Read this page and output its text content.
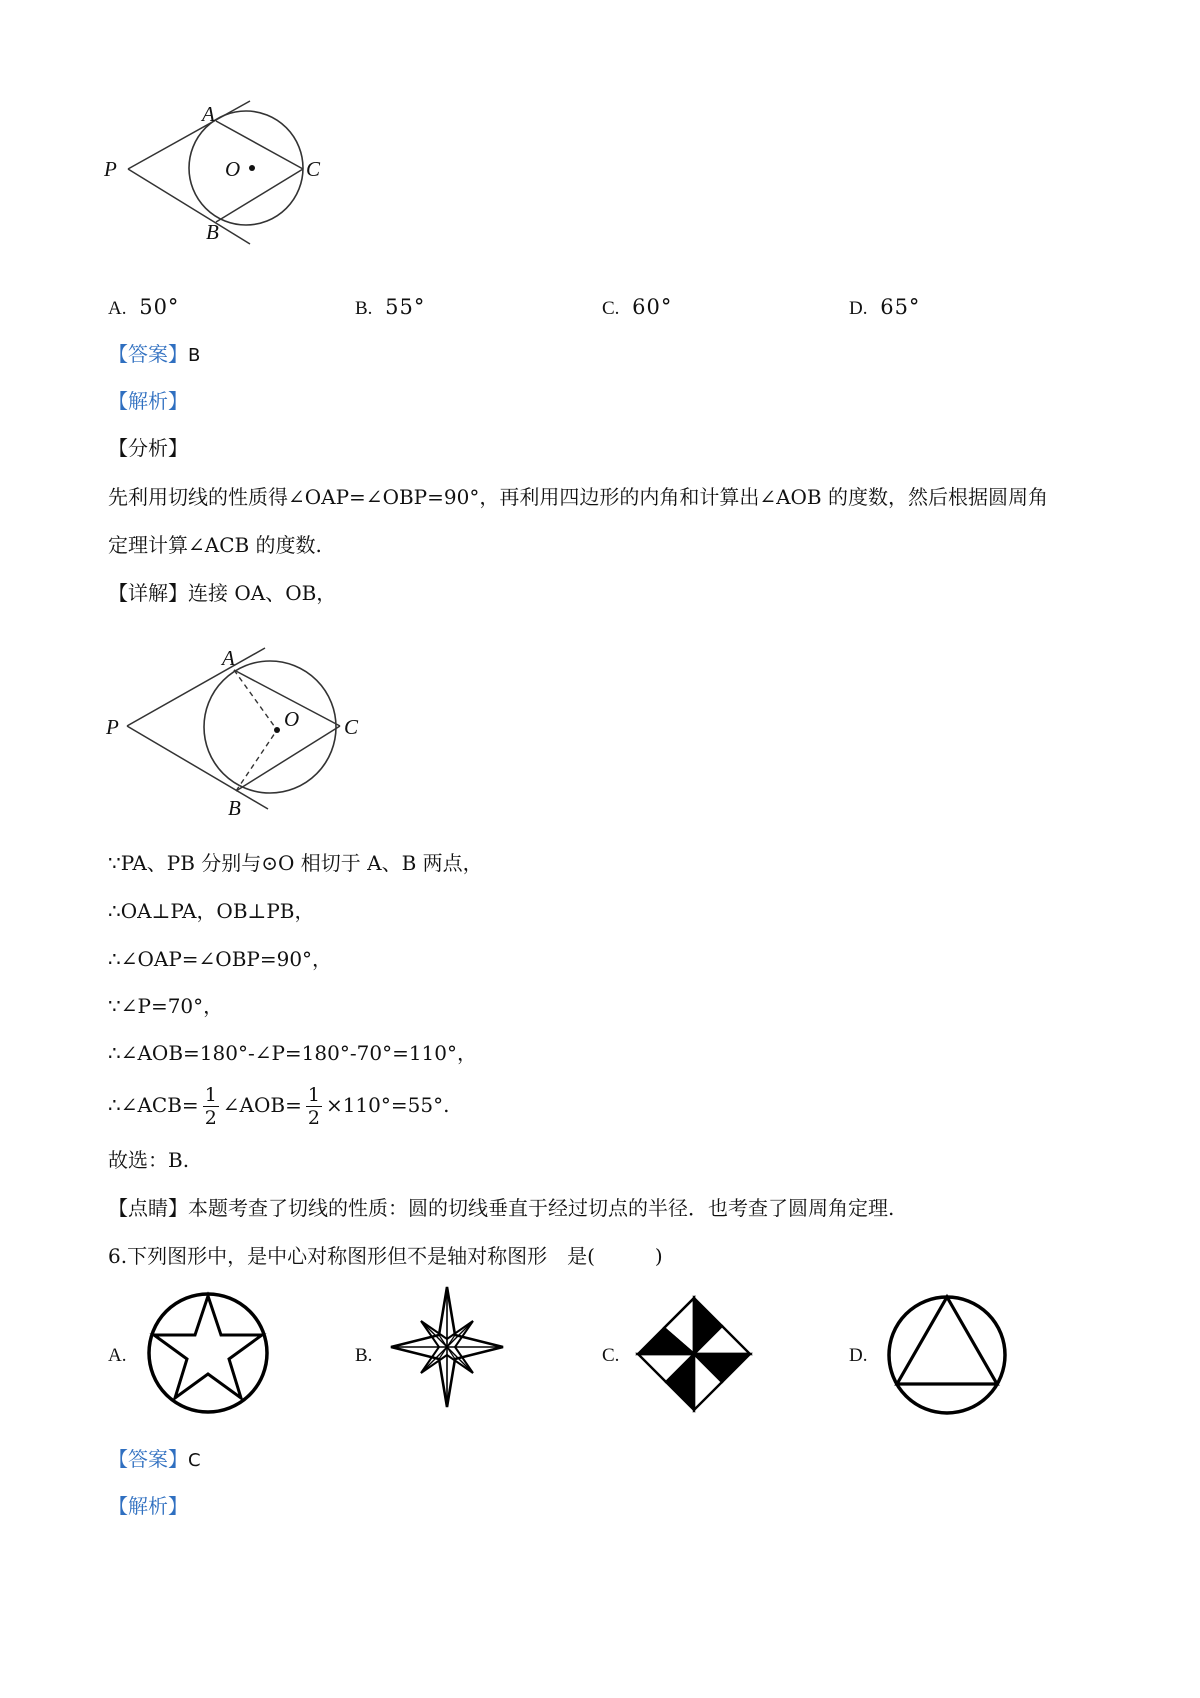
A
P	O	C
B
A. 50°	B. 55°	C. 60°	D. 65°
【答案】B
【解析】
【分析】
先利用切线的性质得∠OAP=∠OBP=90°，再利用四边形的内角和计算出∠AOB 的度数，然后根据圆周角
定理计算∠ACB 的度数.
【详解】连接 OA、OB，
A
P	O C
B
∵PA、PB 分别与⊙O 相切于 A、B 两点，
∴OA⊥PA，OB⊥PB，
∴∠OAP=∠OBP=90°，
∵∠P=70°，
∴∠AOB=180°-∠P=180°-70°=110°，
∴∠ACB= $\frac{1}{2}$ ∠AOB= $\frac{1}{2} \times 110^\circ=55^\circ$.
故选：B.
【点睛】本题考查了切线的性质：圆的切线垂直于经过切点的半径．也考查了圆周角定理.
6.下列图形中，是中心对称图形但不是轴对称图形　是(　　　)
A.	B.	C.	D.
【答案】C
【解析】
